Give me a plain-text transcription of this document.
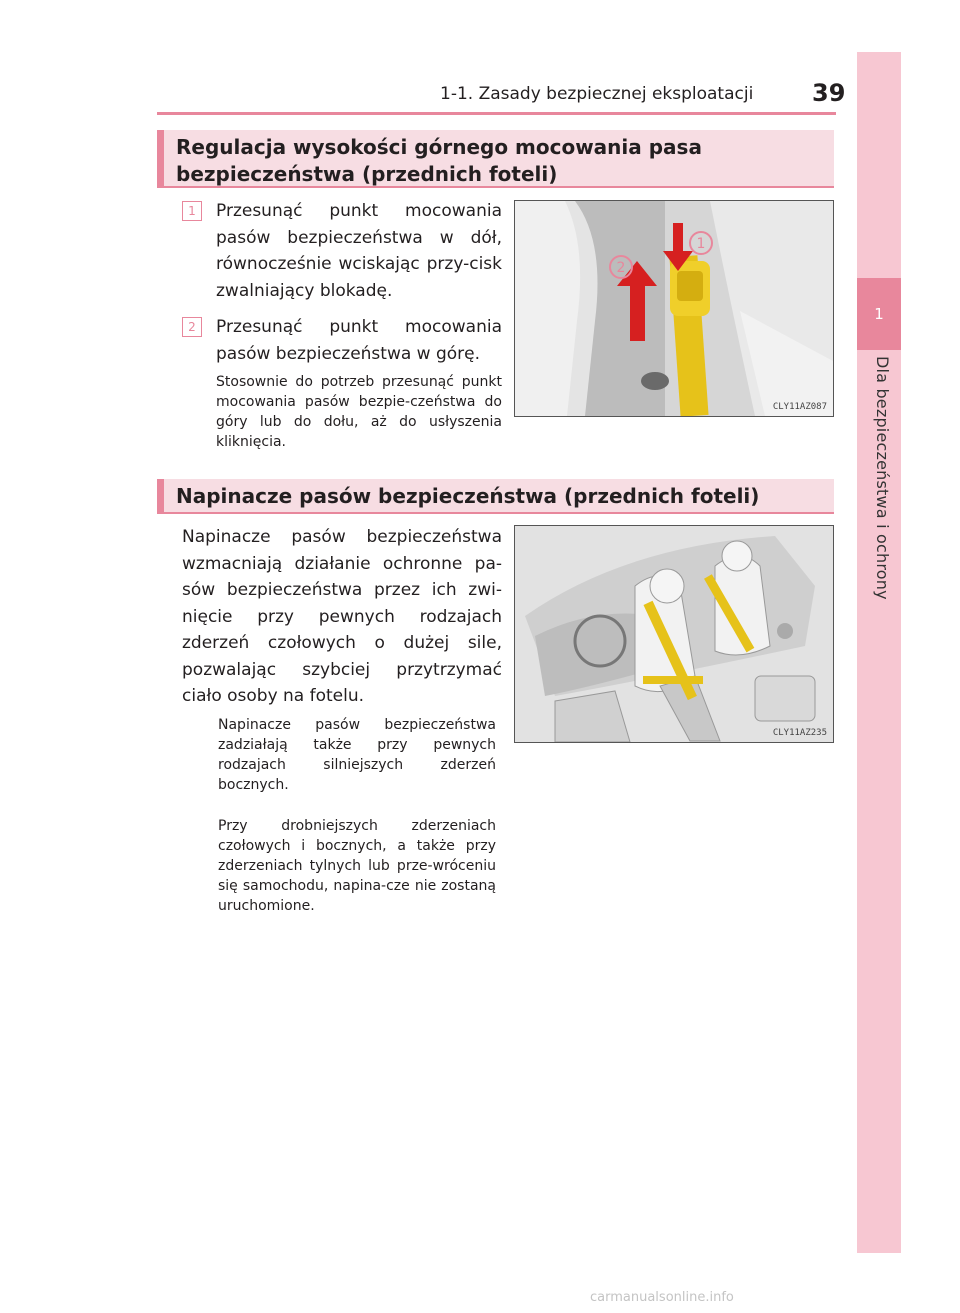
1-1. Zasady bezpiecznej eksploatacji 39
1
Dla bezpieczeństwa i ochrony
Regulacja wysokości górnego mocowania pasa
bezpieczeństwa (przednich foteli)
1	Przesunąć punkt mocowania pasów bezpieczeństwa w dół, równocześnie wciskając przy-cisk zwalniający blokadę.
2	Przesunąć punkt mocowania pasów bezpieczeństwa w górę.
Stosownie do potrzeb przesunąć punkt mocowania pasów bezpie-czeństwa do góry lub do dołu, aż do usłyszenia kliknięcia.
1
2
CLY11AZ087
Napinacze pasów bezpieczeństwa (przednich foteli)
Napinacze pasów bezpieczeństwa wzmacniają działanie ochronne pa-sów bezpieczeństwa przez ich zwi-nięcie przy pewnych rodzajach zderzeń czołowych o dużej sile, pozwalając szybciej przytrzymać ciało osoby na fotelu.
Napinacze pasów bezpieczeństwa zadziałają także przy pewnych rodzajach silniejszych zderzeń bocznych.
Przy drobniejszych zderzeniach czołowych i bocznych, a także przy zderzeniach tylnych lub prze-wróceniu się samochodu, napina-cze nie zostaną uruchomione.
CLY11AZ235
carmanualsonline.info
